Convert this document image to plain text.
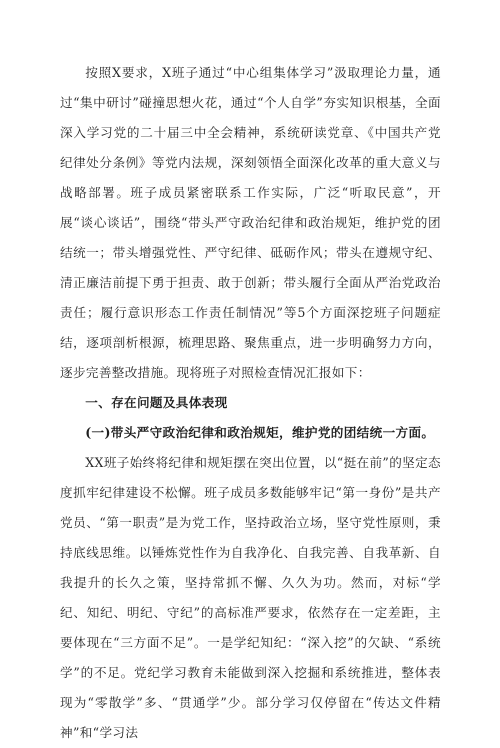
按照X要求，X班子通过“中心组集体学习”汲取理论力量，通过“集中研讨”碰撞思想火花，通过“个人自学”夯实知识根基，全面深入学习党的二十届三中全会精神，系统研读党章、《中国共产党纪律处分条例》等党内法规，深刻领悟全面深化改革的重大意义与战略部署。班子成员紧密联系工作实际，广泛“听取民意”，开展“谈心谈话”，围绕“带头严守政治纪律和政治规矩，维护党的团结统一；带头增强党性、严守纪律、砥砺作风；带头在遵规守纪、清正廉洁前提下勇于担责、敢于创新；带头履行全面从严治党政治责任；履行意识形态工作责任制情况”等5个方面深挖班子问题症结，逐项剖析根源，梳理思路、聚焦重点，进一步明确努力方向，逐步完善整改措施。现将班子对照检查情况汇报如下：

一、存在问题及具体表现

(一)带头严守政治纪律和政治规矩，维护党的团结统一方面。

XX班子始终将纪律和规矩摆在突出位置，以“挺在前”的坚定态度抓牢纪律建设不松懈。班子成员多数能够牢记“第一身份”是共产党员、“第一职责”是为党工作，坚持政治立场，坚守党性原则，秉持底线思维。以锤炼党性作为自我净化、自我完善、自我革新、自我提升的长久之策，坚持常抓不懈、久久为功。然而，对标“学纪、知纪、明纪、守纪”的高标准严要求，依然存在一定差距，主要体现在“三方面不足”。一是学纪知纪：“深入挖”的欠缺、“系统学”的不足。党纪学习教育未能做到深入挖掘和系统推进，整体表现为“零散学”多、“贯通学”少。部分学习仅停留在“传达文件精神”和“学习法
